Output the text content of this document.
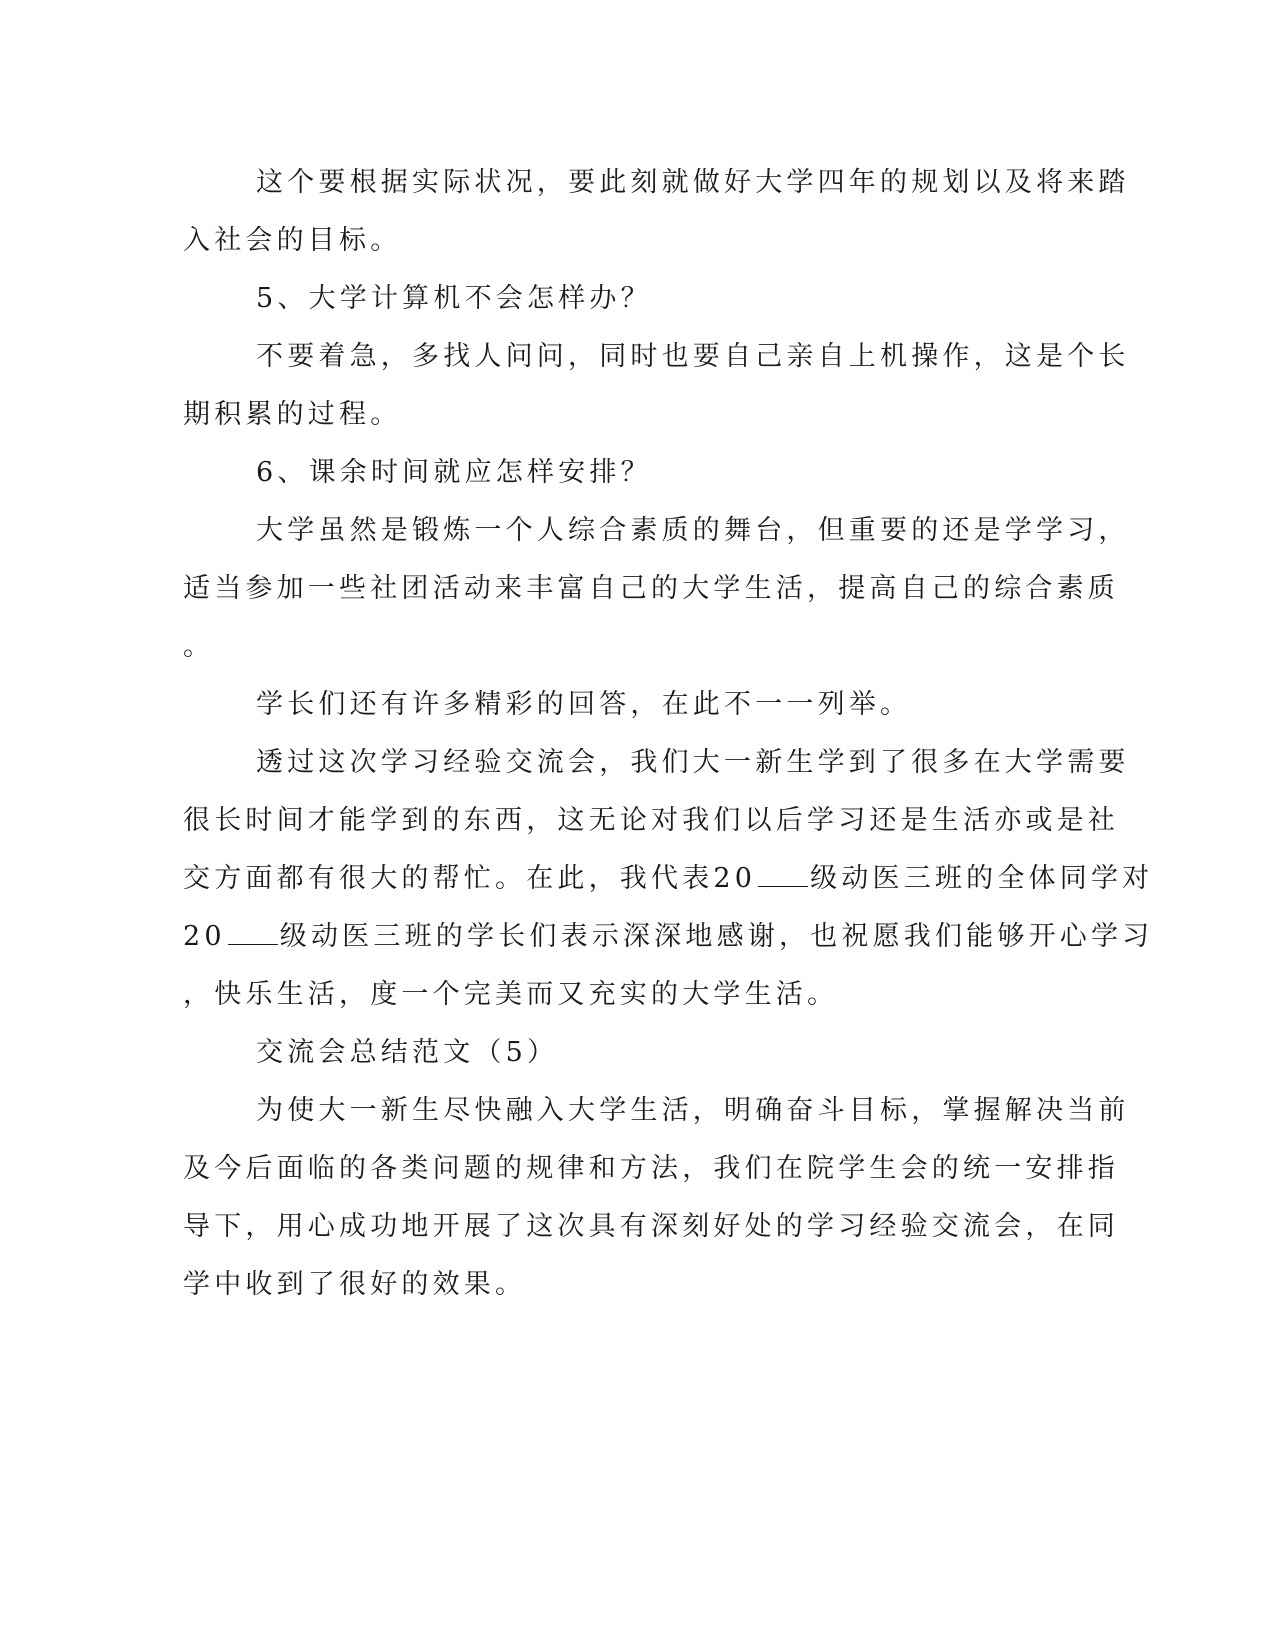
这个要根据实际状况，要此刻就做好大学四年的规划以及将来踏
入社会的目标。

5、大学计算机不会怎样办？

不要着急，多找人问问，同时也要自己亲自上机操作，这是个长
期积累的过程。

6、课余时间就应怎样安排？

大学虽然是锻炼一个人综合素质的舞台，但重要的还是学学习，
适当参加一些社团活动来丰富自己的大学生活，提高自己的综合素质
。

学长们还有许多精彩的回答，在此不一一列举。

透过这次学习经验交流会，我们大一新生学到了很多在大学需要
很长时间才能学到的东西，这无论对我们以后学习还是生活亦或是社
交方面都有很大的帮忙。在此，我代表20 级动医三班的全体同学对
20 级动医三班的学长们表示深深地感谢，也祝愿我们能够开心学习
，快乐生活，度一个完美而又充实的大学生活。

交流会总结范文（5）

为使大一新生尽快融入大学生活，明确奋斗目标，掌握解决当前
及今后面临的各类问题的规律和方法，我们在院学生会的统一安排指
导下，用心成功地开展了这次具有深刻好处的学习经验交流会，在同
学中收到了很好的效果。
